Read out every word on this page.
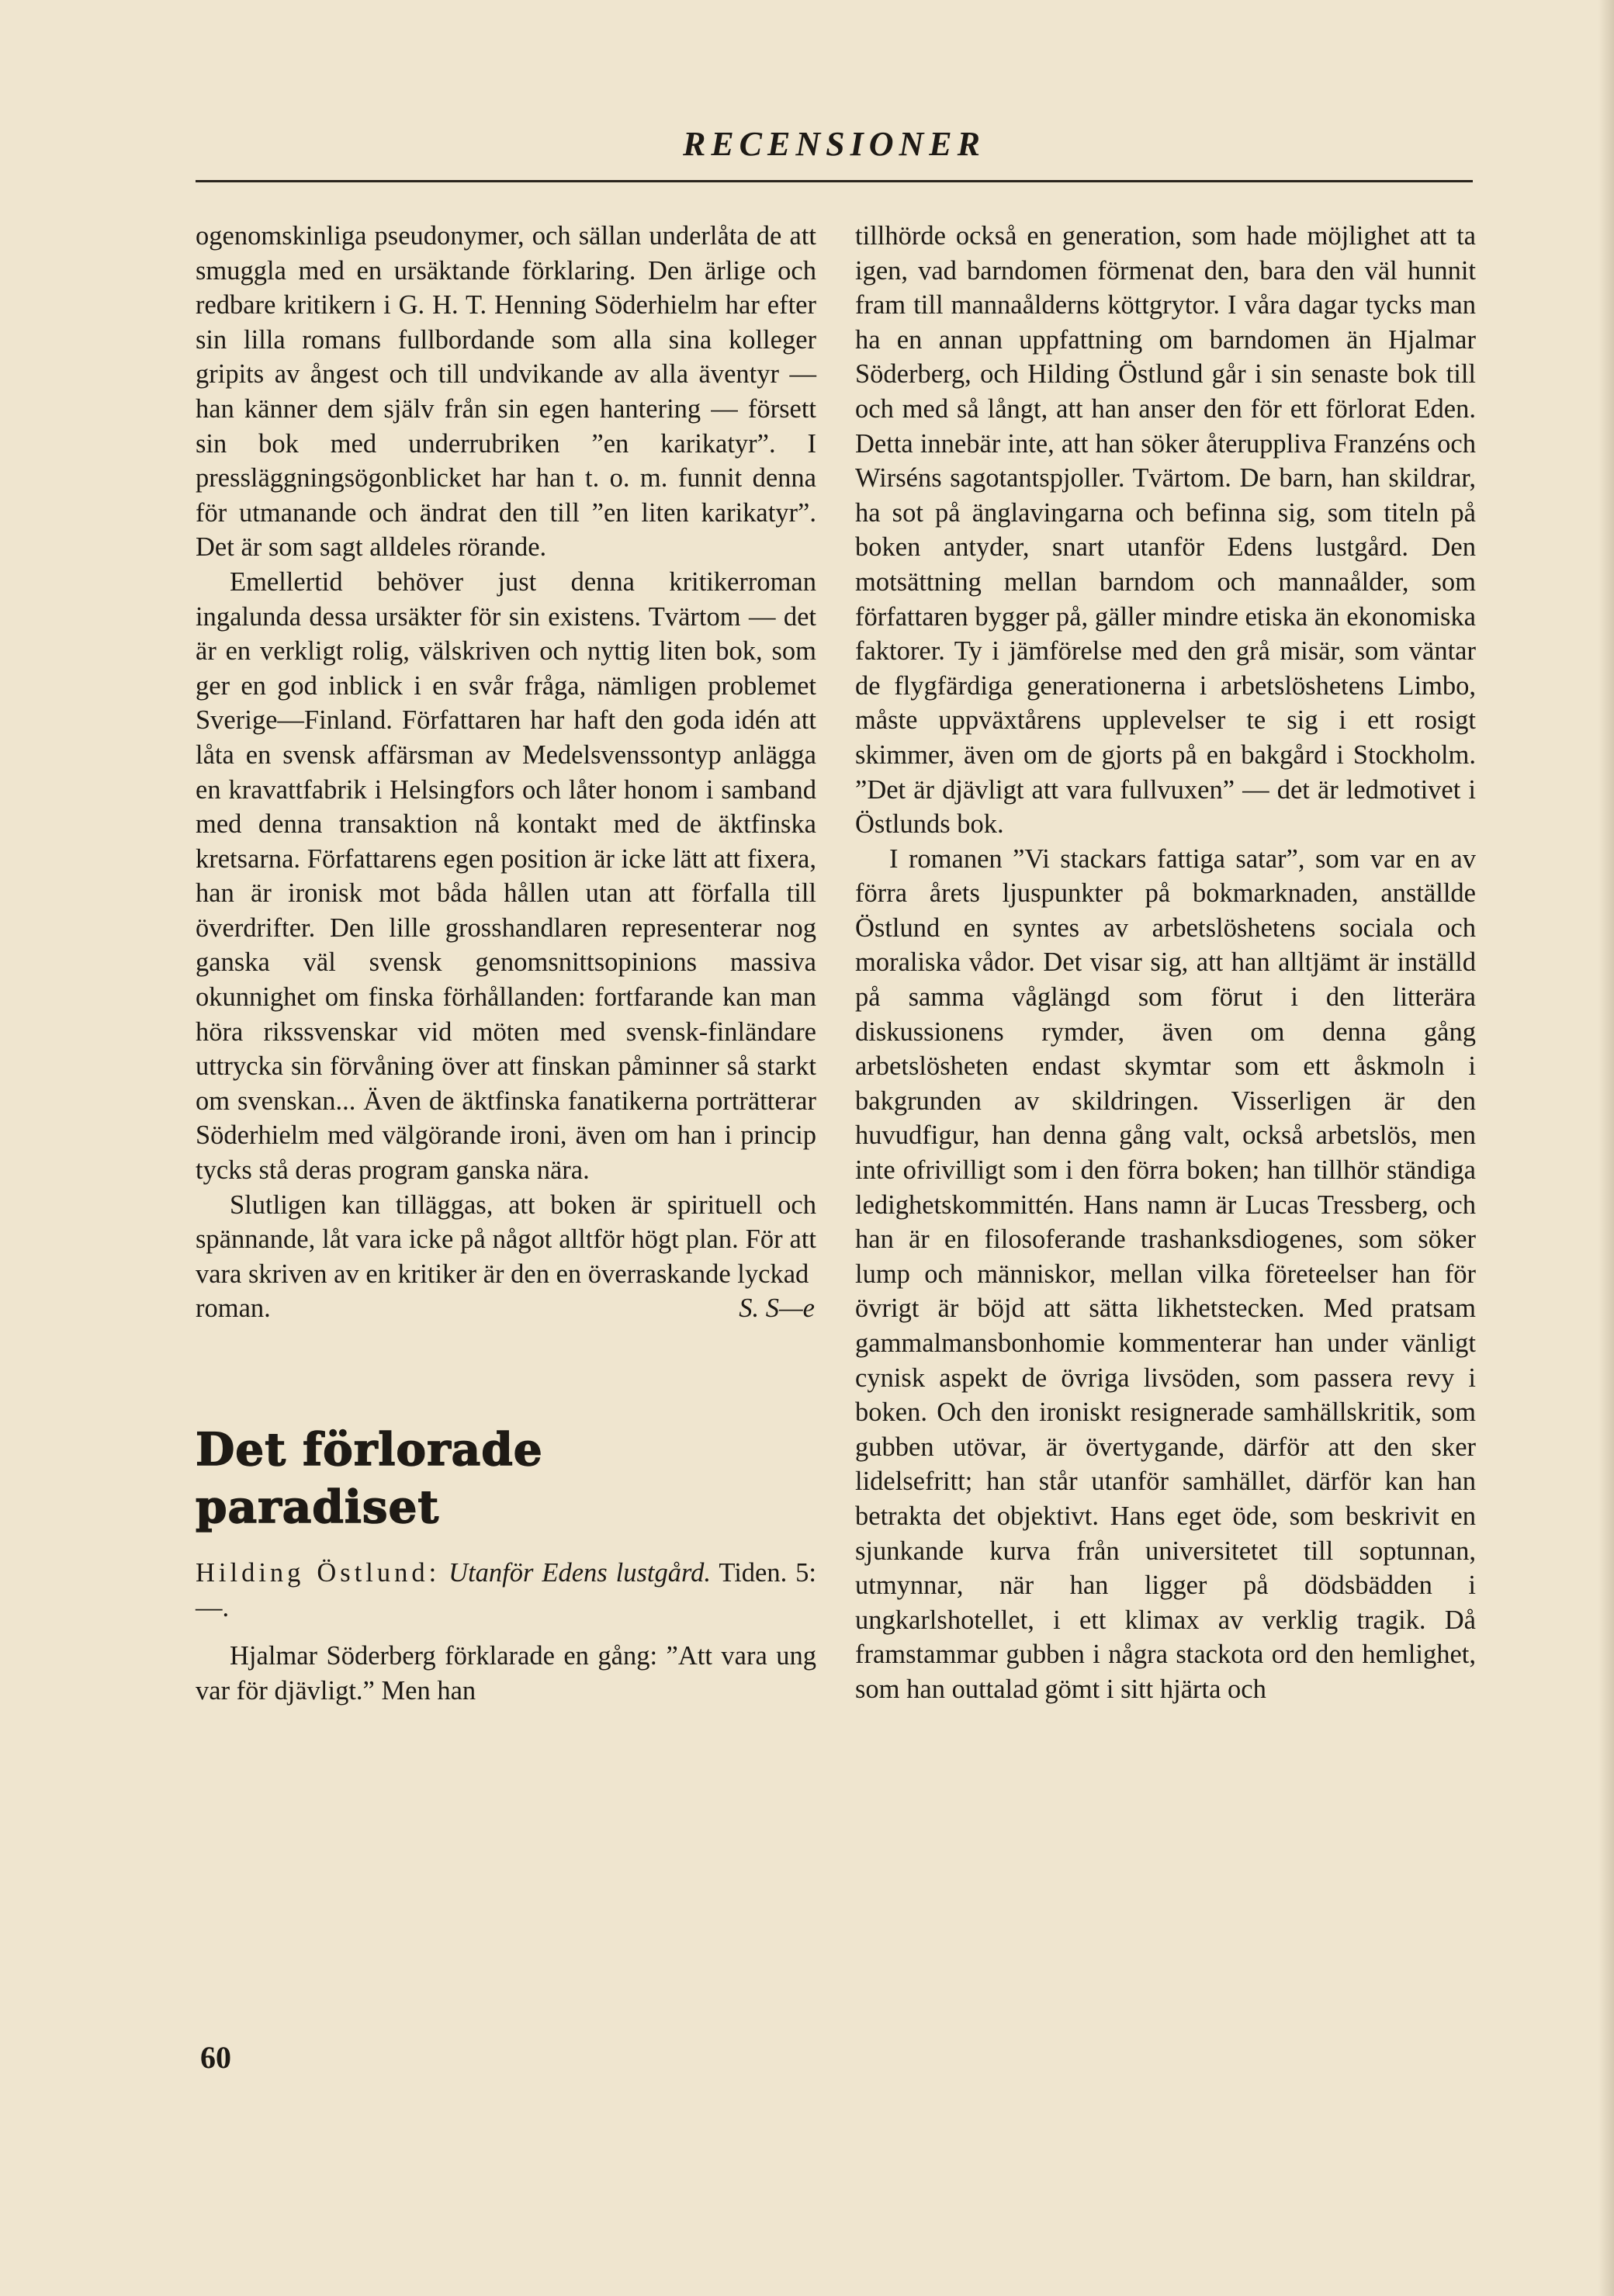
RECENSIONER

ogenomskinliga pseudonymer, och sällan underlåta de att smuggla med en ursäktande förklaring. Den ärlige och redbare kritikern i G. H. T. Henning Söderhielm har efter sin lilla romans fullbordande som alla sina kolleger gripits av ångest och till undvikande av alla äventyr — han känner dem själv från sin egen hantering — försett sin bok med underrubriken ”en karikatyr”. I pressläggningsögonblicket har han t. o. m. funnit denna för utmanande och ändrat den till ”en liten karikatyr”. Det är som sagt alldeles rörande.

Emellertid behöver just denna kritikerroman ingalunda dessa ursäkter för sin existens. Tvärtom — det är en verkligt rolig, välskriven och nyttig liten bok, som ger en god inblick i en svår fråga, nämligen problemet Sverige—Finland. Författaren har haft den goda idén att låta en svensk affärsman av Medelsvenssontyp anlägga en kravattfabrik i Helsingfors och låter honom i samband med denna transaktion nå kontakt med de äktfinska kretsarna. Författarens egen position är icke lätt att fixera, han är ironisk mot båda hållen utan att förfalla till överdrifter. Den lille grosshandlaren representerar nog ganska väl svensk genomsnittsopinions massiva okunnighet om finska förhållanden: fortfarande kan man höra rikssvenskar vid möten med svensk-finländare uttrycka sin förvåning över att finskan påminner så starkt om svenskan... Även de äktfinska fanatikerna porträtterar Söderhielm med välgörande ironi, även om han i princip tycks stå deras program ganska nära.

Slutligen kan tilläggas, att boken är spirituell och spännande, låt vara icke på något alltför högt plan. För att vara skriven av en kritiker är den en överraskande lyckad

roman.	S. S—e
Det förlorade
paradiset

Hilding Östlund: Utanför Edens lustgård. Tiden. 5: —.

Hjalmar Söderberg förklarade en gång: ”Att vara ung var för djävligt.” Men han

tillhörde också en generation, som hade möjlighet att ta igen, vad barndomen förmenat den, bara den väl hunnit fram till mannaålderns köttgrytor. I våra dagar tycks man ha en annan uppfattning om barndomen än Hjalmar Söderberg, och Hilding Östlund går i sin senaste bok till och med så långt, att han anser den för ett förlorat Eden. Detta innebär inte, att han söker återuppliva Franzéns och Wirséns sagotantspjoller. Tvärtom. De barn, han skildrar, ha sot på änglavingarna och befinna sig, som titeln på boken antyder, snart utanför Edens lustgård. Den motsättning mellan barndom och mannaålder, som författaren bygger på, gäller mindre etiska än ekonomiska faktorer. Ty i jämförelse med den grå misär, som väntar de flygfärdiga generationerna i arbetslöshetens Limbo, måste uppväxtårens upplevelser te sig i ett rosigt skimmer, även om de gjorts på en bakgård i Stockholm. ”Det är djävligt att vara fullvuxen” — det är ledmotivet i Östlunds bok.

I romanen ”Vi stackars fattiga satar”, som var en av förra årets ljuspunkter på bokmarknaden, anställde Östlund en syntes av arbetslöshetens sociala och moraliska vådor. Det visar sig, att han alltjämt är inställd på samma våglängd som förut i den litterära diskussionens rymder, även om denna gång arbetslösheten endast skymtar som ett åskmoln i bakgrunden av skildringen. Visserligen är den huvudfigur, han denna gång valt, också arbetslös, men inte ofrivilligt som i den förra boken; han tillhör ständiga ledighetskommittén. Hans namn är Lucas Tressberg, och han är en filosoferande trashanksdiogenes, som söker lump och människor, mellan vilka företeelser han för övrigt är böjd att sätta likhetstecken. Med pratsam gammalmansbonhomie kommenterar han under vänligt cynisk aspekt de övriga livsöden, som passera revy i boken. Och den ironiskt resignerade samhällskritik, som gubben utövar, är övertygande, därför att den sker lidelsefritt; han står utanför samhället, därför kan han betrakta det objektivt. Hans eget öde, som beskrivit en sjunkande kurva från universitetet till soptunnan, utmynnar, när han ligger på dödsbädden i ungkarlshotellet, i ett klimax av verklig tragik. Då framstammar gubben i några stackota ord den hemlighet, som han outtalad gömt i sitt hjärta och

60
